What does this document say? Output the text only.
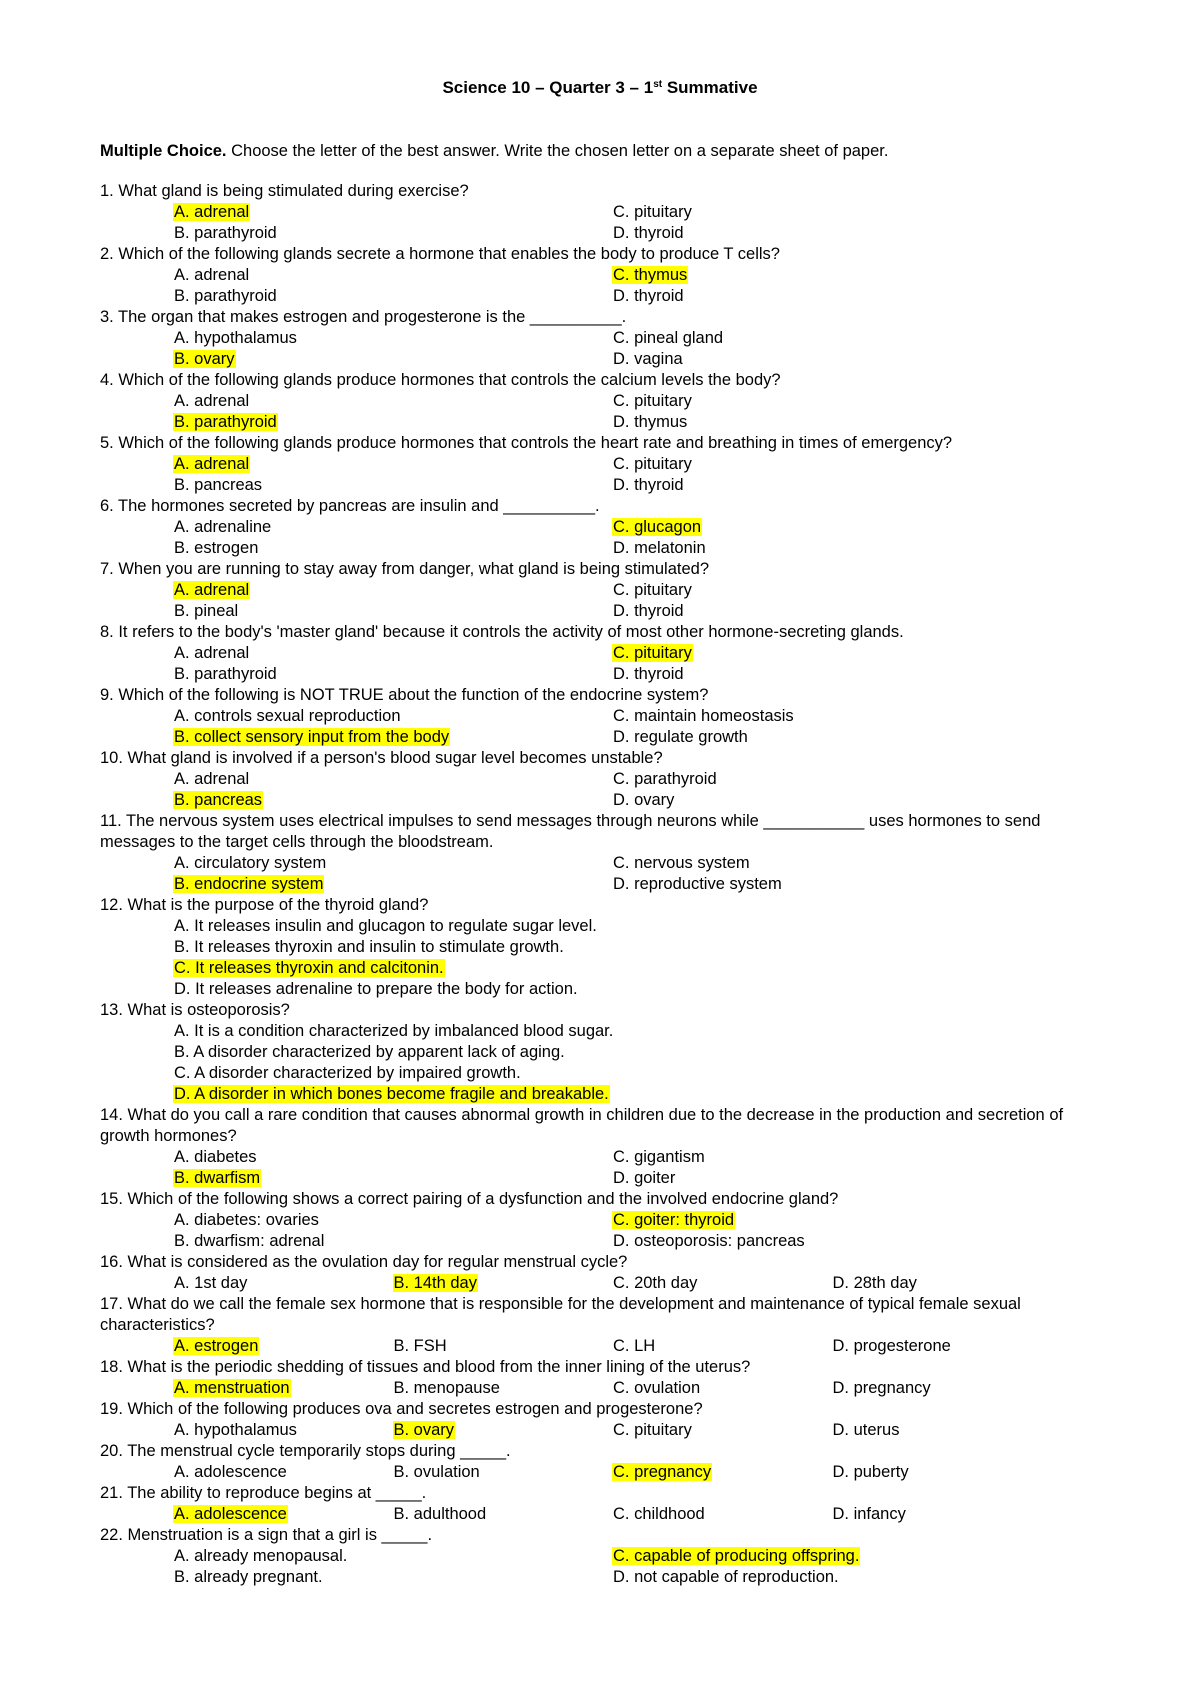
Science 10 – Quarter 3 – 1st Summative
Multiple Choice. Choose the letter of the best answer. Write the chosen letter on a separate sheet of paper.
1. What gland is being stimulated during exercise?
A. adrenal	C. pituitary
B. parathyroid	D. thyroid
2. Which of the following glands secrete a hormone that enables the body to produce T cells?
A. adrenal	C. thymus
B. parathyroid	D. thyroid
3. The organ that makes estrogen and progesterone is the __________.
A. hypothalamus	C. pineal gland
B. ovary	D. vagina
4. Which of the following glands produce hormones that controls the calcium levels the body?
A. adrenal	C. pituitary
B. parathyroid	D. thymus
5. Which of the following glands produce hormones that controls the heart rate and breathing in times of emergency?
A. adrenal	C. pituitary
B. pancreas	D. thyroid
6. The hormones secreted by pancreas are insulin and __________.
A. adrenaline	C. glucagon
B. estrogen	D. melatonin
7. When you are running to stay away from danger, what gland is being stimulated?
A. adrenal	C. pituitary
B. pineal	D. thyroid
8. It refers to the body's 'master gland' because it controls the activity of most other hormone-secreting glands.
A. adrenal	C. pituitary
B. parathyroid	D. thyroid
9. Which of the following is NOT TRUE about the function of the endocrine system?
A. controls sexual reproduction	C. maintain homeostasis
B. collect sensory input from the body	D. regulate growth
10. What gland is involved if a person's blood sugar level becomes unstable?
A. adrenal	C. parathyroid
B. pancreas	D. ovary
11. The nervous system uses electrical impulses to send messages through neurons while ___________ uses hormones to send messages to the target cells through the bloodstream.
A. circulatory system	C. nervous system
B. endocrine system	D. reproductive system
12. What is the purpose of the thyroid gland?
A. It releases insulin and glucagon to regulate sugar level.
B. It releases thyroxin and insulin to stimulate growth.
C. It releases thyroxin and calcitonin.
D. It releases adrenaline to prepare the body for action.
13. What is osteoporosis?
A. It is a condition characterized by imbalanced blood sugar.
B. A disorder characterized by apparent lack of aging.
C. A disorder characterized by impaired growth.
D. A disorder in which bones become fragile and breakable.
14. What do you call a rare condition that causes abnormal growth in children due to the decrease in the production and secretion of growth hormones?
A. diabetes	C. gigantism
B. dwarfism	D. goiter
15. Which of the following shows a correct pairing of a dysfunction and the involved endocrine gland?
A. diabetes: ovaries	C. goiter: thyroid
B. dwarfism: adrenal	D. osteoporosis: pancreas
16. What is considered as the ovulation day for regular menstrual cycle?
A. 1st day	B. 14th day	C. 20th day	D. 28th day
17. What do we call the female sex hormone that is responsible for the development and maintenance of typical female sexual characteristics?
A. estrogen	B. FSH	C. LH	D. progesterone
18. What is the periodic shedding of tissues and blood from the inner lining of the uterus?
A. menstruation	B. menopause	C. ovulation	D. pregnancy
19. Which of the following produces ova and secretes estrogen and progesterone?
A. hypothalamus	B. ovary	C. pituitary	D. uterus
20. The menstrual cycle temporarily stops during _____.
A. adolescence	B. ovulation	C. pregnancy	D. puberty
21. The ability to reproduce begins at _____.
A. adolescence	B. adulthood	C. childhood	D. infancy
22. Menstruation is a sign that a girl is _____.
A. already menopausal.	C. capable of producing offspring.
B. already pregnant.	D. not capable of reproduction.
